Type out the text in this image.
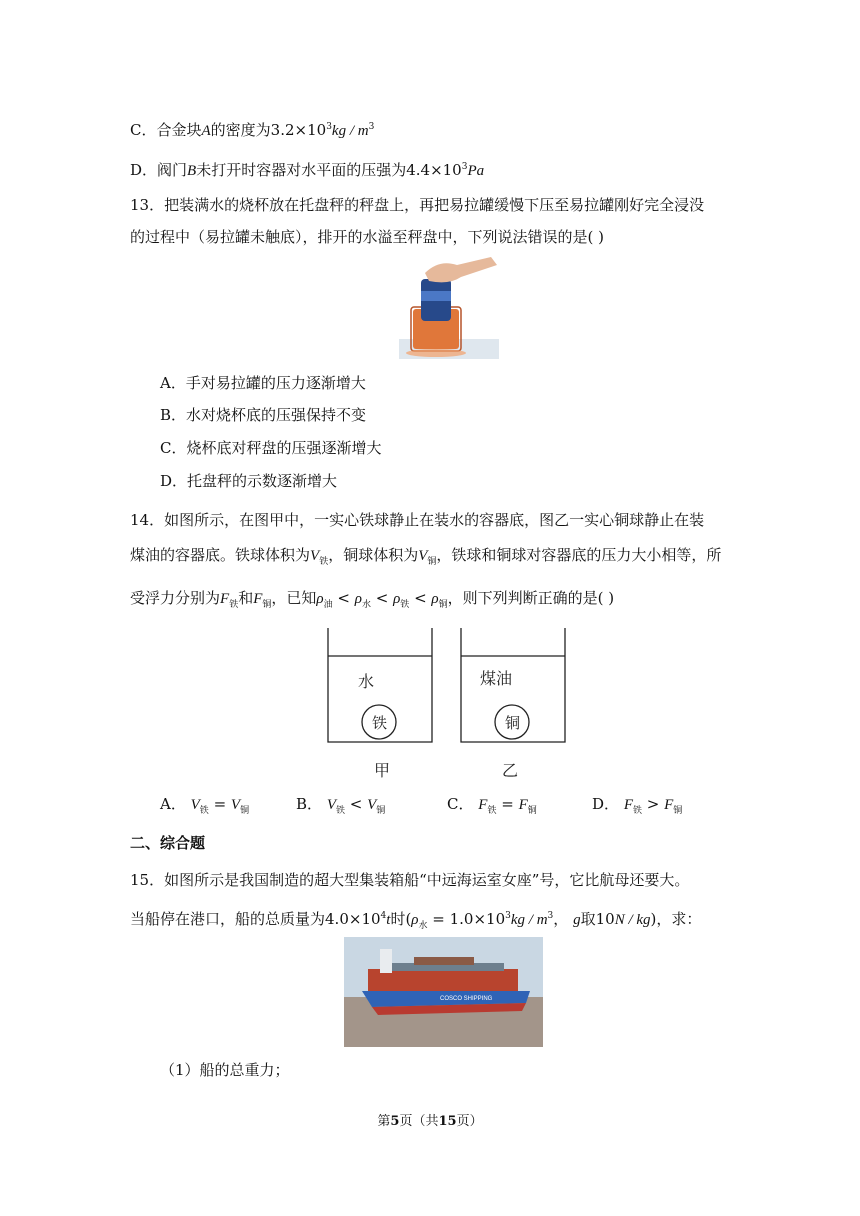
C．合金块A的密度为$3.2\times 10^3kg / m^3$
D．阀门B未打开时容器对水平面的压强为$4.4\times 10^3Pa$
13．把装满水的烧杯放在托盘秤的秤盘上，再把易拉罐缓慢下压至易拉罐刚好完全浸没
的过程中（易拉罐未触底），排开的水溢至秤盘中，下列说法错误的是( )
A．手对易拉罐的压力逐渐增大
B．水对烧杯底的压强保持不变
C．烧杯底对秤盘的压强逐渐增大
D．托盘秤的示数逐渐增大
14．如图所示，在图甲中，一实心铁球静止在装水的容器底，图乙一实心铜球静止在装
煤油的容器底。铁球体积为$V_铁$，铜球体积为$V_铜$，铁球和铜球对容器底的压力大小相等，所
受浮力分别为$F_铁$和$F_铜$，已知$\rho_油 < \rho_水 < \rho_铁 < \rho_铜$，则下列判断正确的是( )
水
铁
煤油
铜
甲	乙
A． $V_铁 = V_铜$	B． $V_铁 < V_铜$	C． $F_铁 = F_铜$	D． $F_铁 > F_铜$
二、综合题
15．如图所示是我国制造的超大型集装箱船“中远海运室女座”号，它比航母还要大。
当船停在港口，船的总质量为$4.0\times 10^4t$时($\rho_水 = 1.0\times 10^3kg / m^3$， g取10N / kg)，求：
COSCO SHIPPING
（1）船的总重力；
第5页（共15页）
